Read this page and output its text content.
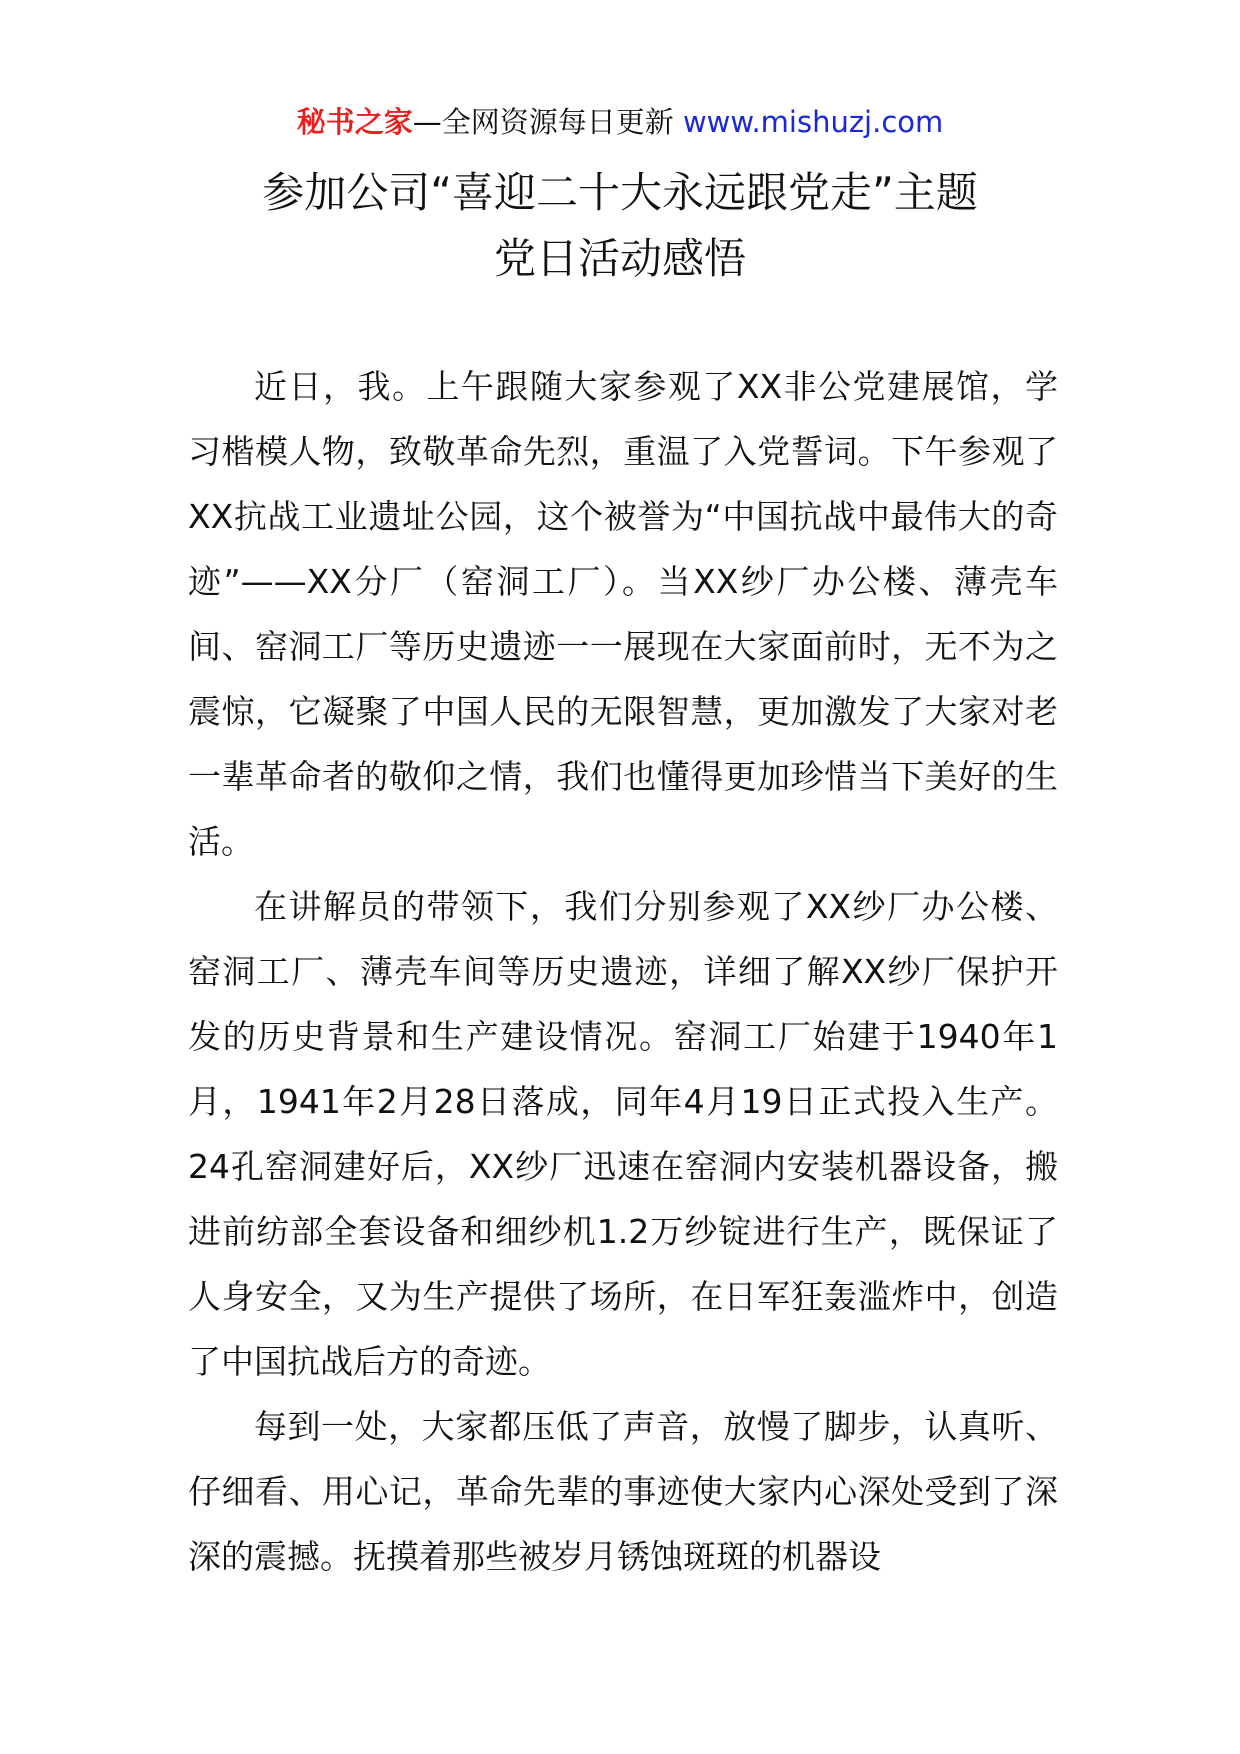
秘书之家—全网资源每日更新 www.mishuzj.com
参加公司“喜迎二十大永远跟党走”主题
党日活动感悟

近日，我。上午跟随大家参观了XX非公党建展馆，学习楷模人物，致敬革命先烈，重温了入党誓词。下午参观了XX抗战工业遗址公园，这个被誉为“中国抗战中最伟大的奇迹”——XX分厂（窑洞工厂）。当XX纱厂办公楼、薄壳车间、窑洞工厂等历史遗迹一一展现在大家面前时，无不为之震惊，它凝聚了中国人民的无限智慧，更加激发了大家对老一辈革命者的敬仰之情，我们也懂得更加珍惜当下美好的生活。

在讲解员的带领下，我们分别参观了XX纱厂办公楼、窑洞工厂、薄壳车间等历史遗迹，详细了解XX纱厂保护开发的历史背景和生产建设情况。窑洞工厂始建于1940年1月，1941年2月28日落成，同年4月19日正式投入生产。24孔窑洞建好后，XX纱厂迅速在窑洞内安装机器设备，搬进前纺部全套设备和细纱机1.2万纱锭进行生产，既保证了人身安全，又为生产提供了场所，在日军狂轰滥炸中，创造了中国抗战后方的奇迹。

每到一处，大家都压低了声音，放慢了脚步，认真听、仔细看、用心记，革命先辈的事迹使大家内心深处受到了深深的震撼。抚摸着那些被岁月锈蚀斑斑的机器设
